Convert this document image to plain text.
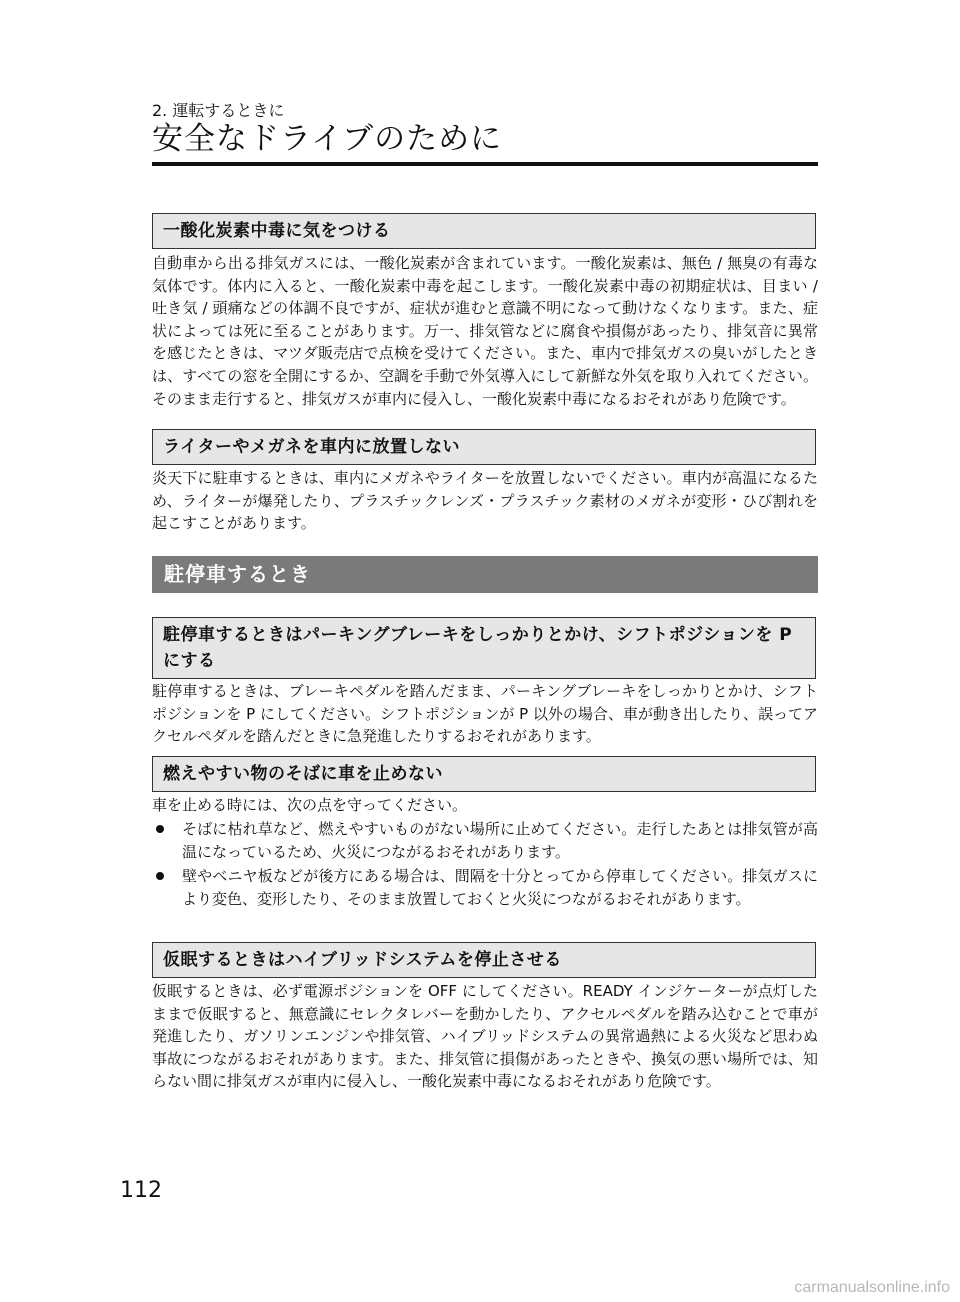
2. 運転するときに
安全なドライブのために
一酸化炭素中毒に気をつける
自動車から出る排気ガスには、一酸化炭素が含まれています。一酸化炭素は、無色 / 無臭の有毒な気体です。体内に入ると、一酸化炭素中毒を起こします。一酸化炭素中毒の初期症状は、目まい / 吐き気 / 頭痛などの体調不良ですが、症状が進むと意識不明になって動けなくなります。また、症状によっては死に至ることがあります。万一、排気管などに腐食や損傷があったり、排気音に異常を感じたときは、マツダ販売店で点検を受けてください。また、車内で排気ガスの臭いがしたときは、すべての窓を全開にするか、空調を手動で外気導入にして新鮮な外気を取り入れてください。そのまま走行すると、排気ガスが車内に侵入し、一酸化炭素中毒になるおそれがあり危険です。
ライターやメガネを車内に放置しない
炎天下に駐車するときは、車内にメガネやライターを放置しないでください。車内が高温になるため、ライターが爆発したり、プラスチックレンズ・プラスチック素材のメガネが変形・ひび割れを起こすことがあります。
駐停車するとき
駐停車するときはパーキングブレーキをしっかりとかけ、シフトポジションを P にする
駐停車するときは、ブレーキペダルを踏んだまま、パーキングブレーキをしっかりとかけ、シフトポジションを P にしてください。シフトポジションが P 以外の場合、車が動き出したり、誤ってアクセルペダルを踏んだときに急発進したりするおそれがあります。
燃えやすい物のそばに車を止めない
車を止める時には、次の点を守ってください。
そばに枯れ草など、燃えやすいものがない場所に止めてください。走行したあとは排気管が高温になっているため、火災につながるおそれがあります。
壁やベニヤ板などが後方にある場合は、間隔を十分とってから停車してください。排気ガスにより変色、変形したり、そのまま放置しておくと火災につながるおそれがあります。
仮眠するときはハイブリッドシステムを停止させる
仮眠するときは、必ず電源ポジションを OFF にしてください。READY インジケーターが点灯したままで仮眠すると、無意識にセレクタレバーを動かしたり、アクセルペダルを踏み込むことで車が発進したり、ガソリンエンジンや排気管、ハイブリッドシステムの異常過熱による火災など思わぬ事故につながるおそれがあります。また、排気管に損傷があったときや、換気の悪い場所では、知らない間に排気ガスが車内に侵入し、一酸化炭素中毒になるおそれがあり危険です。
112
carmanualsonline.info
